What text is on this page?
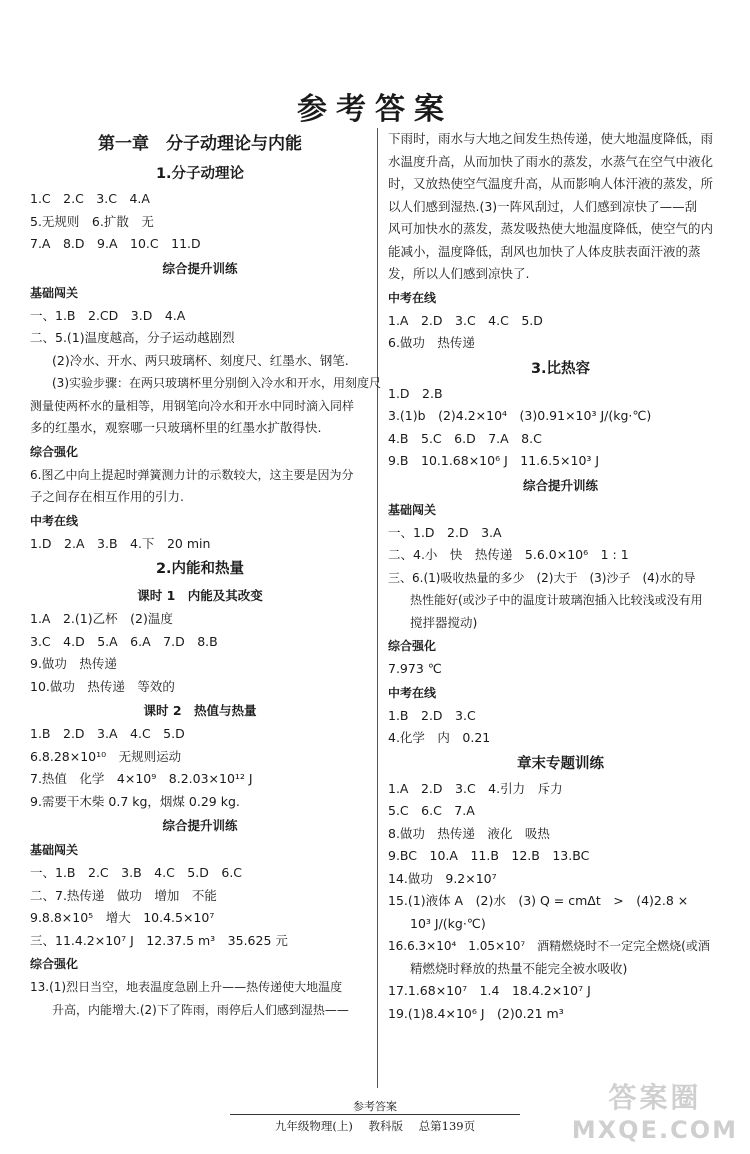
参考答案
第一章　分子动理论与内能
1.分子动理论
1.C　2.C　3.C　4.A
5.无规则　6.扩散　无
7.A　8.D　9.A　10.C　11.D
综合提升训练
基础闯关
一、1.B　2.CD　3.D　4.A
二、5.(1)温度越高，分子运动越剧烈
(2)冷水、开水、两只玻璃杯、刻度尺、红墨水、钢笔.
(3)实验步骤：在两只玻璃杯里分别倒入冷水和开水，用刻度尺
测量使两杯水的量相等，用钢笔向冷水和开水中同时滴入同样
多的红墨水，观察哪一只玻璃杯里的红墨水扩散得快.
综合强化
6.图乙中向上提起时弹簧测力计的示数较大，这主要是因为分
子之间存在相互作用的引力.
中考在线
1.D　2.A　3.B　4.下　20 min
2.内能和热量
课时 1　内能及其改变
1.A　2.(1)乙杯　(2)温度
3.C　4.D　5.A　6.A　7.D　8.B
9.做功　热传递
10.做功　热传递　等效的
课时 2　热值与热量
1.B　2.D　3.A　4.C　5.D
6.8.28×10¹⁰　无规则运动
7.热值　化学　4×10⁹　8.2.03×10¹² J
9.需要干木柴 0.7 kg，烟煤 0.29 kg.
综合提升训练
基础闯关
一、1.B　2.C　3.B　4.C　5.D　6.C
二、7.热传递　做功　增加　不能
9.8.8×10⁵　增大　10.4.5×10⁷
三、11.4.2×10⁷ J　12.37.5 m³　35.625 元
综合强化
13.(1)烈日当空，地表温度急剧上升——热传递使大地温度
升高，内能增大.(2)下了阵雨，雨停后人们感到湿热——
下雨时，雨水与大地之间发生热传递，使大地温度降低，雨
水温度升高，从而加快了雨水的蒸发，水蒸气在空气中液化
时，又放热使空气温度升高，从而影响人体汗液的蒸发，所
以人们感到湿热.(3)一阵风刮过，人们感到凉快了——刮
风可加快水的蒸发，蒸发吸热使大地温度降低，使空气的内
能减小，温度降低，刮风也加快了人体皮肤表面汗液的蒸
发，所以人们感到凉快了.
中考在线
1.A　2.D　3.C　4.C　5.D
6.做功　热传递
3.比热容
1.D　2.B
3.(1)b　(2)4.2×10⁴　(3)0.91×10³ J/(kg·℃)
4.B　5.C　6.D　7.A　8.C
9.B　10.1.68×10⁶ J　11.6.5×10³ J
综合提升训练
基础闯关
一、1.D　2.D　3.A
二、4.小　快　热传递　5.6.0×10⁶　1 : 1
三、6.(1)吸收热量的多少　(2)大于　(3)沙子　(4)水的导
热性能好(或沙子中的温度计玻璃泡插入比较浅或没有用
搅拌器搅动)
综合强化
7.973 ℃
中考在线
1.B　2.D　3.C
4.化学　内　0.21
章末专题训练
1.A　2.D　3.C　4.引力　斥力
5.C　6.C　7.A
8.做功　热传递　液化　吸热
9.BC　10.A　11.B　12.B　13.BC
14.做功　9.2×10⁷
15.(1)液体 A　(2)水　(3) Q = cmΔt　>　(4)2.8 ×
10³ J/(kg·℃)
16.6.3×10⁴　1.05×10⁷　酒精燃烧时不一定完全燃烧(或酒
精燃烧时释放的热量不能完全被水吸收)
17.1.68×10⁷　1.4　18.4.2×10⁷ J
19.(1)8.4×10⁶ J　(2)0.21 m³
参考答案
九年级物理(上) 教科版 总第139页
答案圈
MXQE.COM
